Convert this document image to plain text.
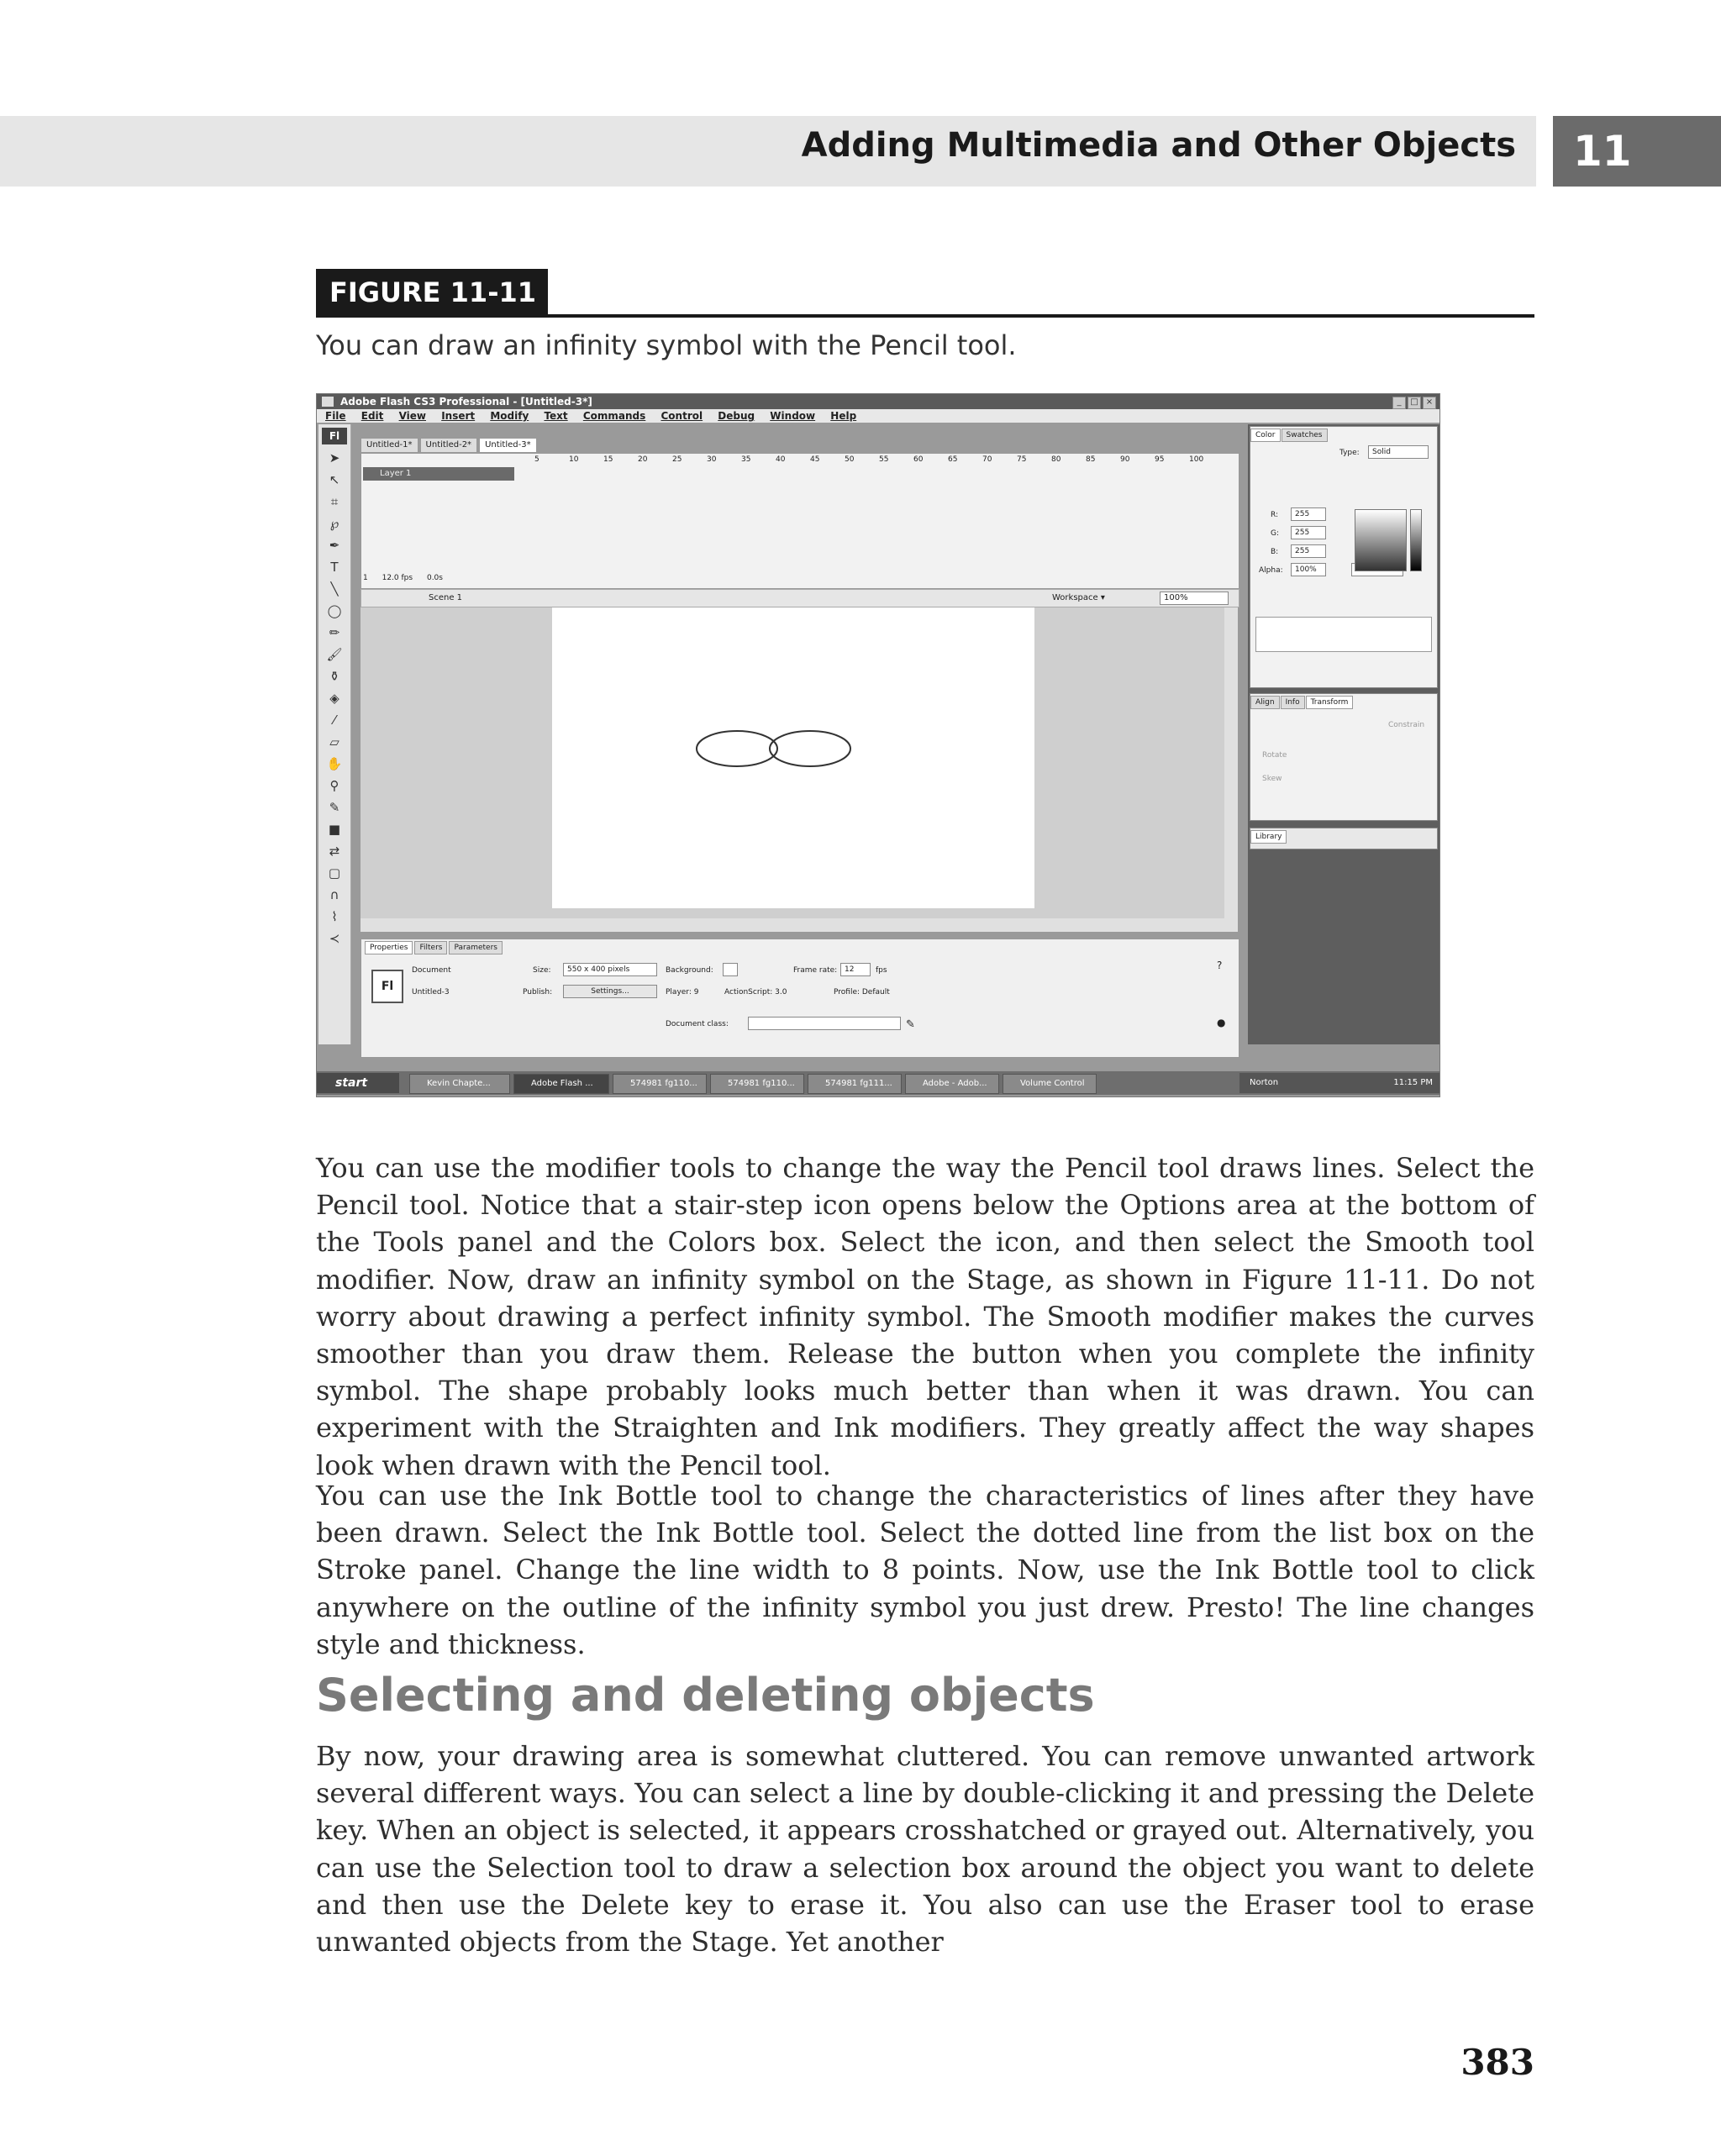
Adding Multimedia and Other Objects	11
FIGURE 11-11
You can draw an infinity symbol with the Pencil tool.
Adobe Flash CS3 Professional - [Untitled-3*]	_ □ ×
File Edit View Insert Modify Text Commands Control Debug Window Help
Fl
➤
↖
⌗
℘
✒
T
╲
◯
✏
🖌
⚱
◈
⁄
▱
✋
⚲
✎
■
⇄
▢
∩
⌇
≺
Untitled-1* Untitled-2* Untitled-3*
5	10	15	20	25	30	35	40	45	50	55	60	65	70	75	80	85	90	95	100
Layer 1
1 12.0 fps 0.0s
Scene 1	Workspace ▾	100%
Properties Filters Parameters
Fl
Document
Untitled-3
Size:	550 x 400 pixels
Publish:	Settings...
Background:
Player: 9
Frame rate: 12	fps
ActionScript: 3.0	Profile: Default
Document class:	✎
?
●
Color Swatches
Type:	Solid
R:	255
G:	255
B:	255
Alpha:	100%
Align Info Transform
Constrain
Rotate
Skew
Library
start	Kevin Chapte...	Adobe Flash ...	574981 fg110...	574981 fg110...	574981 fg111...	Adobe - Adob...	Volume Control	Norton	11:15 PM

You can use the modifier tools to change the way the Pencil tool draws lines. Select the Pencil tool. Notice that a stair-step icon opens below the Options area at the bottom of the Tools panel and the Colors box. Select the icon, and then select the Smooth tool modifier. Now, draw an infinity symbol on the Stage, as shown in Figure 11-11. Do not worry about drawing a perfect infinity symbol. The Smooth modifier makes the curves smoother than you draw them. Release the button when you complete the infinity symbol. The shape probably looks much better than when it was drawn. You can experiment with the Straighten and Ink modifiers. They greatly affect the way shapes look when drawn with the Pencil tool.

You can use the Ink Bottle tool to change the characteristics of lines after they have been drawn. Select the Ink Bottle tool. Select the dotted line from the list box on the Stroke panel. Change the line width to 8 points. Now, use the Ink Bottle tool to click anywhere on the outline of the infinity symbol you just drew. Presto! The line changes style and thickness.

Selecting and deleting objects

By now, your drawing area is somewhat cluttered. You can remove unwanted artwork several different ways. You can select a line by double-clicking it and pressing the Delete key. When an object is selected, it appears crosshatched or grayed out. Alternatively, you can use the Selection tool to draw a selection box around the object you want to delete and then use the Delete key to erase it. You also can use the Eraser tool to erase unwanted objects from the Stage. Yet another

383
